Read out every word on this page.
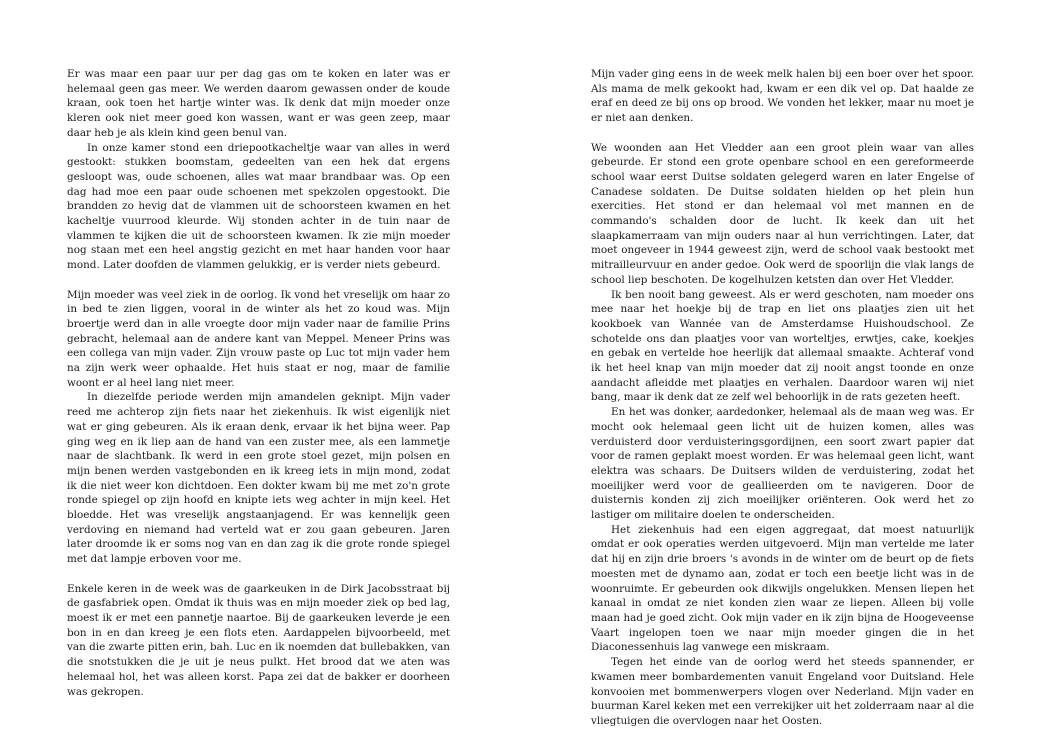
Er was maar een paar uur per dag gas om te koken en later was er helemaal geen gas meer. We werden daarom gewassen onder de koude kraan, ook toen het hartje winter was. Ik denk dat mijn moeder onze kleren ook niet meer goed kon wassen, want er was geen zeep, maar daar heb je als klein kind geen benul van.

In onze kamer stond een driepootkacheltje waar van alles in werd gestookt: stukken boomstam, gedeelten van een hek dat ergens gesloopt was, oude schoenen, alles wat maar brandbaar was. Op een dag had moe een paar oude schoenen met spekzolen opgestookt. Die brandden zo hevig dat de vlammen uit de schoorsteen kwamen en het kacheltje vuurrood kleurde. Wij stonden achter in de tuin naar de vlammen te kijken die uit de schoorsteen kwamen. Ik zie mijn moeder nog staan met een heel angstig gezicht en met haar handen voor haar mond. Later doofden de vlammen gelukkig, er is verder niets gebeurd.

Mijn moeder was veel ziek in de oorlog. Ik vond het vreselijk om haar zo in bed te zien liggen, vooral in de winter als het zo koud was. Mijn broertje werd dan in alle vroegte door mijn vader naar de familie Prins gebracht, helemaal aan de andere kant van Meppel. Meneer Prins was een collega van mijn vader. Zijn vrouw paste op Luc tot mijn vader hem na zijn werk weer ophaalde. Het huis staat er nog, maar de familie woont er al heel lang niet meer.

In diezelfde periode werden mijn amandelen geknipt. Mijn vader reed me achterop zijn fiets naar het ziekenhuis. Ik wist eigenlijk niet wat er ging gebeuren. Als ik eraan denk, ervaar ik het bijna weer. Pap ging weg en ik liep aan de hand van een zuster mee, als een lammetje naar de slachtbank. Ik werd in een grote stoel gezet, mijn polsen en mijn benen werden vastgebonden en ik kreeg iets in mijn mond, zodat ik die niet weer kon dichtdoen. Een dokter kwam bij me met zo'n grote ronde spiegel op zijn hoofd en knipte iets weg achter in mijn keel. Het bloedde. Het was vreselijk angstaanjagend. Er was kennelijk geen verdoving en niemand had verteld wat er zou gaan gebeuren. Jaren later droomde ik er soms nog van en dan zag ik die grote ronde spiegel met dat lampje erboven voor me.

Enkele keren in de week was de gaarkeuken in de Dirk Jacobsstraat bij de gasfabriek open. Omdat ik thuis was en mijn moeder ziek op bed lag, moest ik er met een pannetje naartoe. Bij de gaarkeuken leverde je een bon in en dan kreeg je een flots eten. Aardappelen bijvoorbeeld, met van die zwarte pitten erin, bah. Luc en ik noemden dat bullebakken, van die snotstukken die je uit je neus pulkt. Het brood dat we aten was helemaal hol, het was alleen korst. Papa zei dat de bakker er doorheen was gekropen.

Mijn vader ging eens in de week melk halen bij een boer over het spoor. Als mama de melk gekookt had, kwam er een dik vel op. Dat haalde ze eraf en deed ze bij ons op brood. We vonden het lekker, maar nu moet je er niet aan denken.

We woonden aan Het Vledder aan een groot plein waar van alles gebeurde. Er stond een grote openbare school en een gereformeerde school waar eerst Duitse soldaten gelegerd waren en later Engelse of Canadese soldaten. De Duitse soldaten hielden op het plein hun exercities. Het stond er dan helemaal vol met mannen en de commando's schalden door de lucht. Ik keek dan uit het slaapkamerraam van mijn ouders naar al hun verrichtingen. Later, dat moet ongeveer in 1944 geweest zijn, werd de school vaak bestookt met mitrailleurvuur en ander gedoe. Ook werd de spoorlijn die vlak langs de school liep beschoten. De kogelhulzen ketsten dan over Het Vledder.

Ik ben nooit bang geweest. Als er werd geschoten, nam moeder ons mee naar het hoekje bij de trap en liet ons plaatjes zien uit het kookboek van Wannée van de Amsterdamse Huishoudschool. Ze schotelde ons dan plaatjes voor van worteltjes, erwtjes, cake, koekjes en gebak en vertelde hoe heerlijk dat allemaal smaakte. Achteraf vond ik het heel knap van mijn moeder dat zij nooit angst toonde en onze aandacht afleidde met plaatjes en verhalen. Daardoor waren wij niet bang, maar ik denk dat ze zelf wel behoorlijk in de rats gezeten heeft.

En het was donker, aardedonker, helemaal als de maan weg was. Er mocht ook helemaal geen licht uit de huizen komen, alles was verduisterd door verduisteringsgordijnen, een soort zwart papier dat voor de ramen geplakt moest worden. Er was helemaal geen licht, want elektra was schaars. De Duitsers wilden de verduistering, zodat het moeilijker werd voor de geallieerden om te navigeren. Door de duisternis konden zij zich moeilijker oriënteren. Ook werd het zo lastiger om militaire doelen te onderscheiden.

Het ziekenhuis had een eigen aggregaat, dat moest natuurlijk omdat er ook operaties werden uitgevoerd. Mijn man vertelde me later dat hij en zijn drie broers 's avonds in de winter om de beurt op de fiets moesten met de dynamo aan, zodat er toch een beetje licht was in de woonruimte. Er gebeurden ook dikwijls ongelukken. Mensen liepen het kanaal in omdat ze niet konden zien waar ze liepen. Alleen bij volle maan had je goed zicht. Ook mijn vader en ik zijn bijna de Hoogeveense Vaart ingelopen toen we naar mijn moeder gingen die in het Diaconessenhuis lag vanwege een miskraam.

Tegen het einde van de oorlog werd het steeds spannender, er kwamen meer bombardementen vanuit Engeland voor Duitsland. Hele konvooien met bommenwerpers vlogen over Nederland. Mijn vader en buurman Karel keken met een verrekijker uit het zolderraam naar al die vliegtuigen die overvlogen naar het Oosten.
